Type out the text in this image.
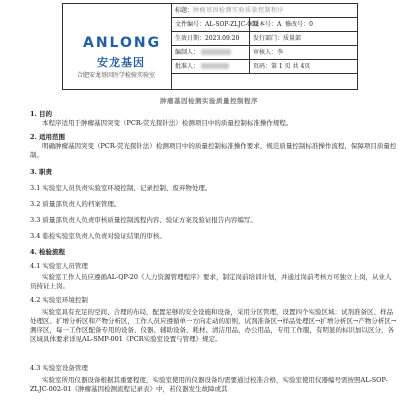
ANLONG
安龙基因
合肥安龙基因医学检验实验室
标题：肿瘤基因检测实验质量控制程序
文件编号：AL-SOP-ZLJC-002
版本号：A 修改号：0
生效日期：2023.09.20	发行部门：质量部
编制人：	审核人：李
批准人：	页码：第 1 页 共 4页
肿瘤基因检测实验质量控制程序
1. 目的
本程序适用于肿瘤基因突变（PCR-荧光探针法）检测项目中的质量控制标准操作规程。
2. 适用范围
明确肿瘤基因突变（PCR-荧光探针法）检测项目中的质量控制标准操作要求，规范质量控制标准操作流程，保障项目质量控制。
3. 职责
3.1 实验室人员负责实验室环境控制、记录控制、废弃物处理。
3.2 质量部负责人的档案管理。
3.3 质量部负责人负责审核质量控制流程内容、验证方案及验证报告内容编写。
3.4 临检实验室负责人负责对验证结果的审核。
4. 检验流程
4.1 实验室人员管理
实验室工作人员应遵循AL-QP-20《人力资源管理程序》要求，制定岗前培训计划，并通过岗前考核方可独立上岗，从业人员持证上岗。
4.2 实验室环境控制
实验室具有充足的空间、合理的布局，配置足够的安全设施和设备，采用分区管理，设置四个实验区域：试剂准备区、样品处理区、扩增分析区和产物分析区，工作人员应遵循单一方向走动的原则，试剂准备区→样品处理区→扩增分析区→产物分析区→测序区，每一工作区配备专用的设备、仪器、辅助设备、耗材、清洁用品、办公用品，专用工作服，有明显的标识加以区分，各区域具体要求详见AL-SMP-001《PCR实验室设置与管理》规定。
4.3 实验室设备管理
实验室所用仪器设备根据其重要程度，实验室使用的仪器设备均需要通过校准合格，实验室使用仪器编号需按照AL-SOP-ZLJC-002-01《肿瘤基因检测流程记录表》中，若仪器发生故障或其
